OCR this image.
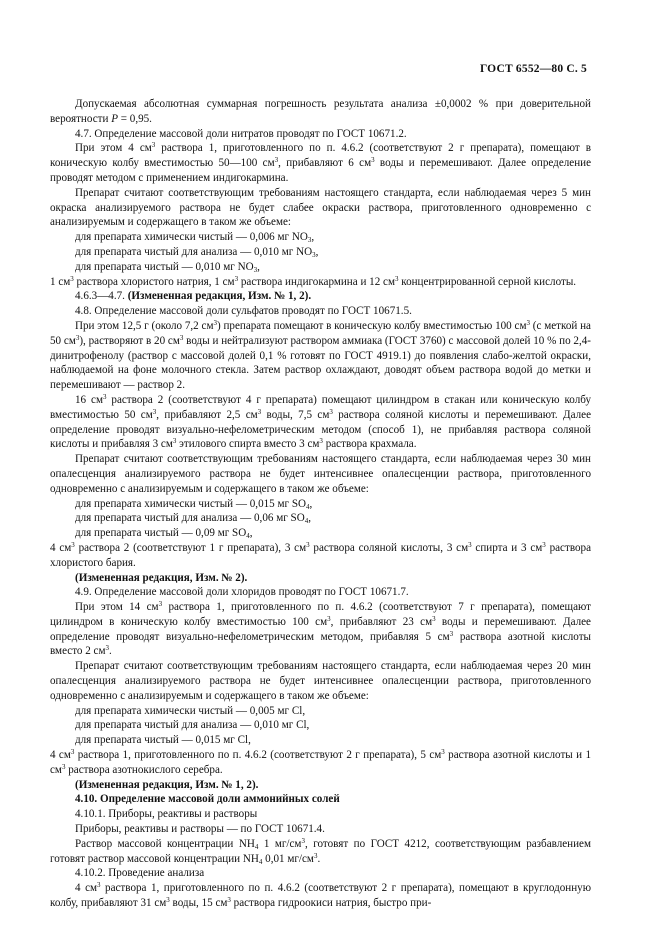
ГОСТ 6552—80 С. 5
Допускаемая абсолютная суммарная погрешность результата анализа ±0,0002 % при доверительной вероятности P = 0,95.
4.7. Определение массовой доли нитратов проводят по ГОСТ 10671.2.
При этом 4 $см^3$ раствора 1, приготовленного по п. 4.6.2 (соответствуют 2 г препарата), помещают в коническую колбу вместимостью 50—100 $см^3$, прибавляют 6 $см^3$ воды и перемешивают. Далее определение проводят методом с применением индигокармина.
Препарат считают соответствующим требованиям настоящего стандарта, если наблюдаемая через 5 мин окраска анализируемого раствора не будет слабее окраски раствора, приготовленного одновременно с анализируемым и содержащего в таком же объеме:
для препарата химически чистый — 0,006 мг $NO_3$,
для препарата чистый для анализа — 0,010 мг $NO_3$,
для препарата чистый — 0,010 мг $NO_3$,
1 $см^3$ раствора хлористого натрия, 1 $см^3$ раствора индигокармина и 12 $см^3$ концентрированной серной кислоты.
4.6.3—4.7. (Измененная редакция, Изм. № 1, 2).
4.8. Определение массовой доли сульфатов проводят по ГОСТ 10671.5.
При этом 12,5 г (около 7,2 $см^3$) препарата помещают в коническую колбу вместимостью 100 $см^3$ (с меткой на 50 $см^3$), растворяют в 20 $см^3$ воды и нейтрализуют раствором аммиака (ГОСТ 3760) с массовой долей 10 % по 2,4-динитрофенолу (раствор с массовой долей 0,1 % готовят по ГОСТ 4919.1) до появления слабо-желтой окраски, наблюдаемой на фоне молочного стекла. Затем раствор охлаждают, доводят объем раствора водой до метки и перемешивают — раствор 2.
16 $см^3$ раствора 2 (соответствуют 4 г препарата) помещают цилиндром в стакан или коническую колбу вместимостью 50 $см^3$, прибавляют 2,5 $см^3$ воды, 7,5 $см^3$ раствора соляной кислоты и перемешивают. Далее определение проводят визуально-нефелометрическим методом (способ 1), не прибавляя раствора соляной кислоты и прибавляя 3 $см^3$ этилового спирта вместо 3 $см^3$ раствора крахмала.
Препарат считают соответствующим требованиям настоящего стандарта, если наблюдаемая через 30 мин опалесценция анализируемого раствора не будет интенсивнее опалесценции раствора, приготовленного одновременно с анализируемым и содержащего в таком же объеме:
для препарата химически чистый — 0,015 мг $SO_4$,
для препарата чистый для анализа — 0,06 мг $SO_4$,
для препарата чистый — 0,09 мг $SO_4$,
4 $см^3$ раствора 2 (соответствуют 1 г препарата), 3 $см^3$ раствора соляной кислоты, 3 $см^3$ спирта и 3 $см^3$ раствора хлористого бария.
(Измененная редакция, Изм. № 2).
4.9. Определение массовой доли хлоридов проводят по ГОСТ 10671.7.
При этом 14 $см^3$ раствора 1, приготовленного по п. 4.6.2 (соответствуют 7 г препарата), помещают цилиндром в коническую колбу вместимостью 100 $см^3$, прибавляют 23 $см^3$ воды и перемешивают. Далее определение проводят визуально-нефелометрическим методом, прибавляя 5 $см^3$ раствора азотной кислоты вместо 2 $см^3$.
Препарат считают соответствующим требованиям настоящего стандарта, если наблюдаемая через 20 мин опалесценция анализируемого раствора не будет интенсивнее опалесценции раствора, приготовленного одновременно с анализируемым и содержащего в таком же объеме:
для препарата химически чистый — 0,005 мг Cl,
для препарата чистый для анализа — 0,010 мг Cl,
для препарата чистый — 0,015 мг Cl,
4 $см^3$ раствора 1, приготовленного по п. 4.6.2 (соответствуют 2 г препарата), 5 $см^3$ раствора азотной кислоты и 1 $см^3$ раствора азотнокислого серебра.
(Измененная редакция, Изм. № 1, 2).
4.10. Определение массовой доли аммонийных солей
4.10.1. Приборы, реактивы и растворы
Приборы, реактивы и растворы — по ГОСТ 10671.4.
Раствор массовой концентрации $NH_4$ 1 $мг/см^3$, готовят по ГОСТ 4212, соответствующим разбавлением готовят раствор массовой концентрации $NH_4$ 0,01 $мг/см^3$.
4.10.2. Проведение анализа
4 $см^3$ раствора 1, приготовленного по п. 4.6.2 (соответствуют 2 г препарата), помещают в круглодонную колбу, прибавляют 31 $см^3$ воды, 15 $см^3$ раствора гидроокиси натрия, быстро при-
